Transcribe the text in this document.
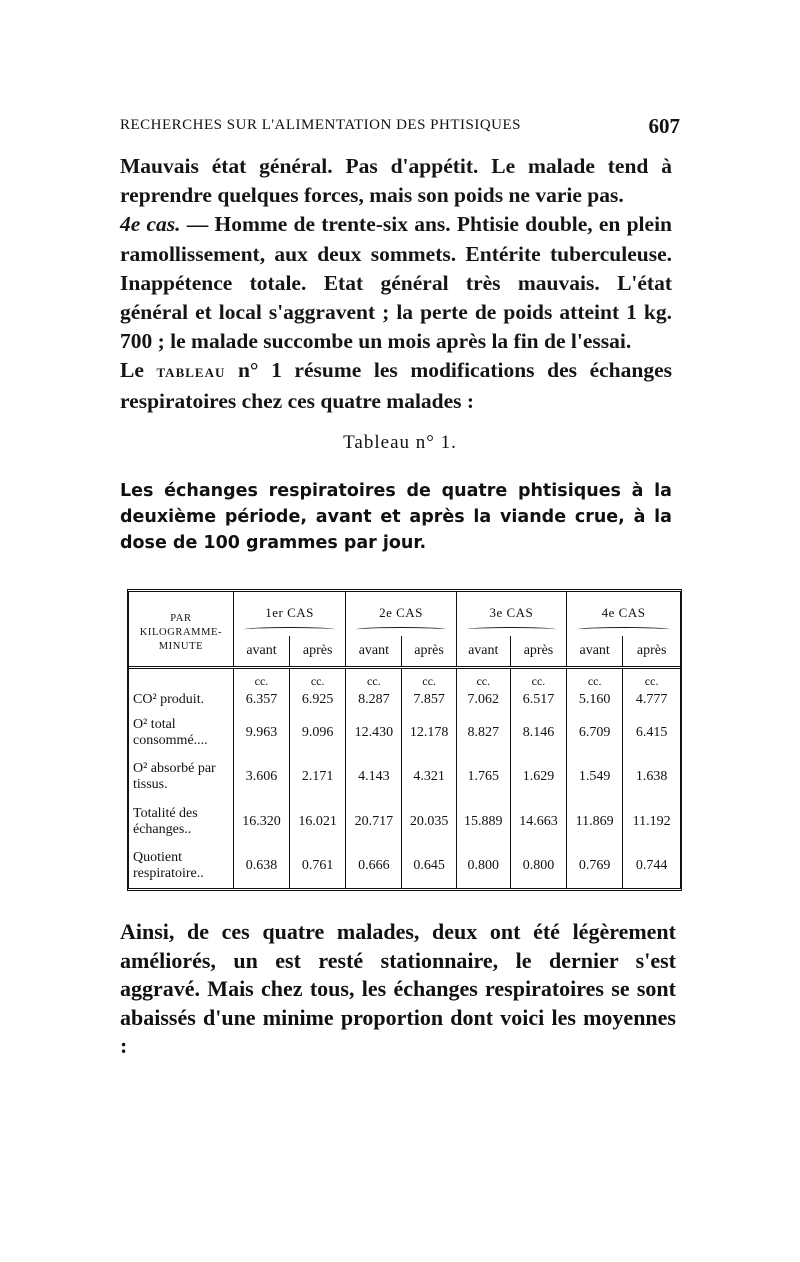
RECHERCHES SUR L'ALIMENTATION DES PHTISIQUES	607

Mauvais état général. Pas d'appétit. Le malade tend à reprendre quelques forces, mais son poids ne varie pas.

4e cas. — Homme de trente-six ans. Phtisie double, en plein ramollissement, aux deux sommets. Entérite tuberculeuse. Inappétence totale. Etat général très mauvais. L'état général et local s'aggravent ; la perte de poids atteint 1 kg. 700 ; le malade succombe un mois après la fin de l'essai.

Le tableau n° 1 résume les modifications des échanges respiratoires chez ces quatre malades :

Tableau n° 1.
Les échanges respiratoires de quatre phtisiques à la deuxième période, avant et après la viande crue, à la dose de 100 grammes par jour.
PAR KILOGRAMME-MINUTE	1er CAS		2e CAS		3e CAS		4e CAS	

	avant	après	avant	après	avant	après	avant	après
	cc.	cc.	cc.	cc.	cc.	cc.	cc.	cc.
CO² produit.	6.357	6.925	8.287	7.857	7.062	6.517	5.160	4.777
O² total consommé....	9.963	9.096	12.430	12.178	8.827	8.146	6.709	6.415
O² absorbé par tissus.	3.606	2.171	4.143	4.321	1.765	1.629	1.549	1.638
Totalité des échanges..	16.320	16.021	20.717	20.035	15.889	14.663	11.869	11.192
Quotient respiratoire..	0.638	0.761	0.666	0.645	0.800	0.800	0.769	0.744
Ainsi, de ces quatre malades, deux ont été légèrement améliorés, un est resté stationnaire, le dernier s'est aggravé. Mais chez tous, les échanges respiratoires se sont abaissés d'une minime proportion dont voici les moyennes :
